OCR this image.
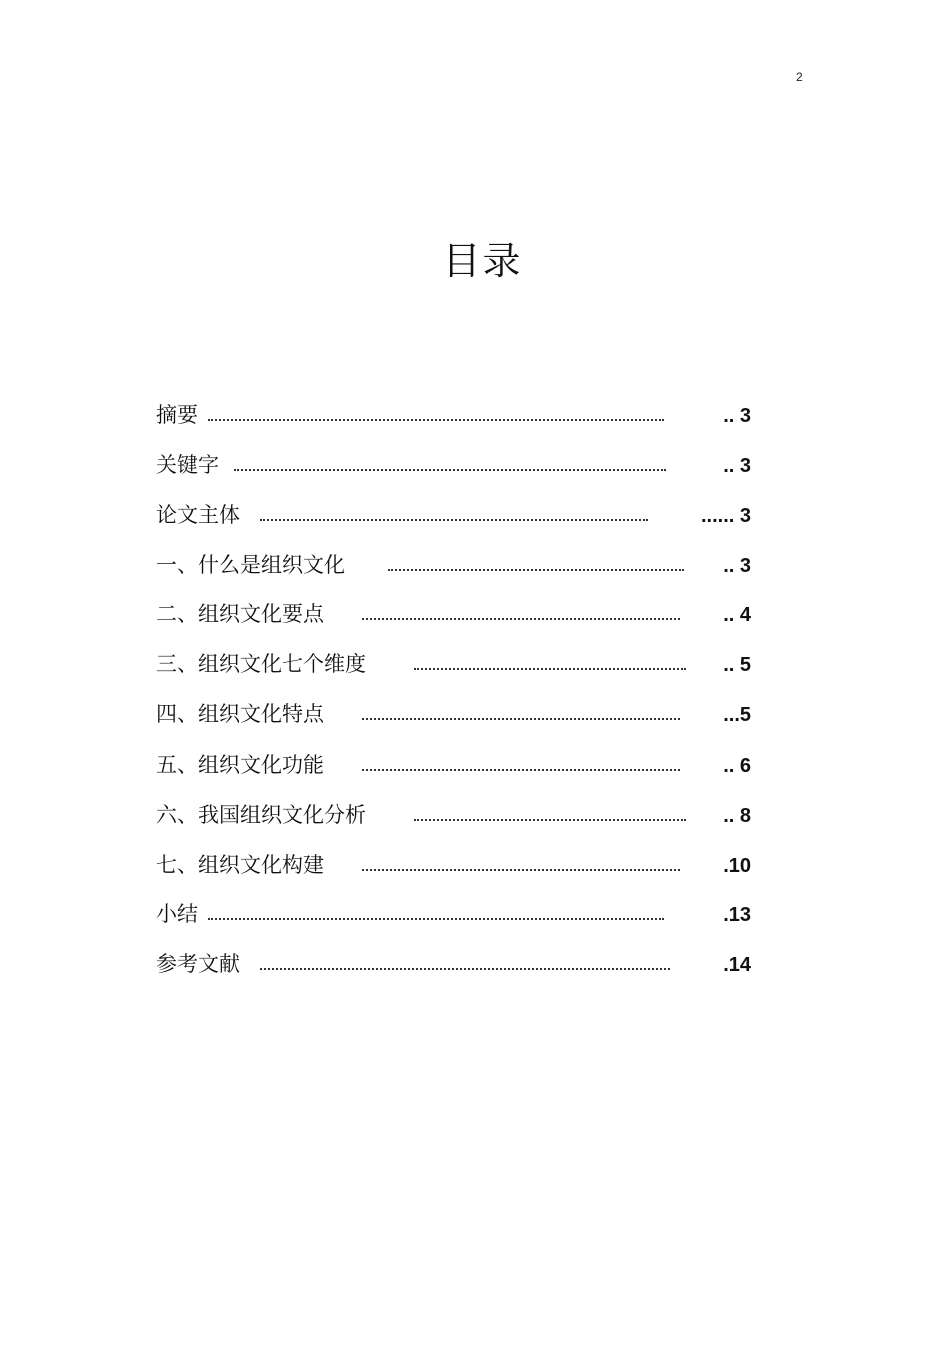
2
目录
摘要	.. 3
关键字	.. 3
论文主体	...... 3
一、什么是组织文化	.. 3
二、组织文化要点	.. 4
三、组织文化七个维度	.. 5
四、组织文化特点	...5
五、组织文化功能	.. 6
六、我国组织文化分析	.. 8
七、组织文化构建	.10
小结	.13
参考文献	.14
